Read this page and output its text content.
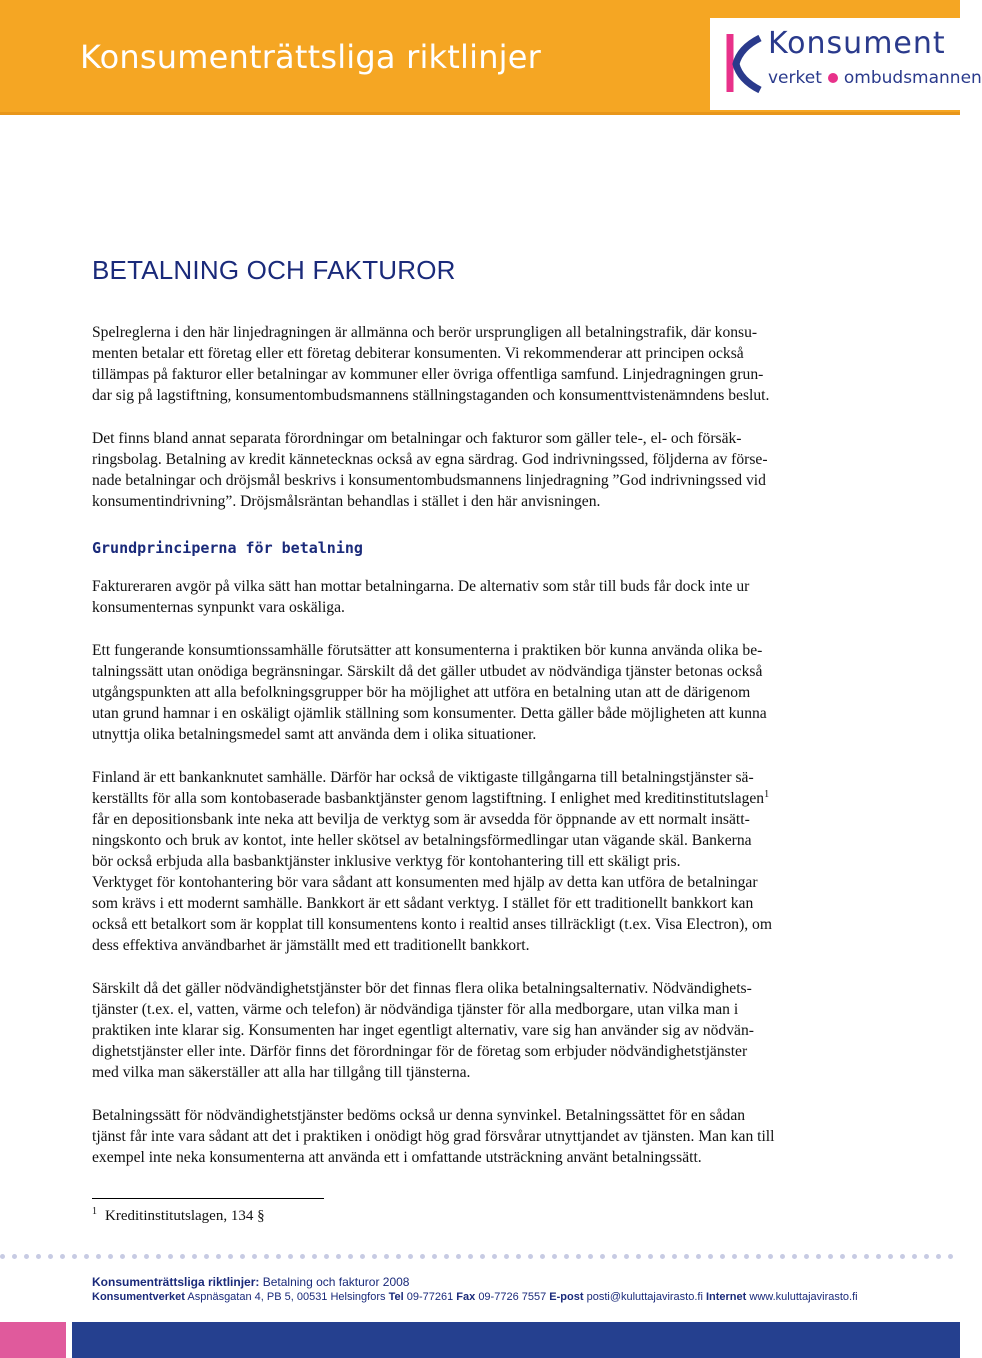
Konsumenträttsliga riktlinjer	Konsument
verket ombudsmannen
BETALNING OCH FAKTUROR

Spelreglerna i den här linjedragningen är allmänna och berör ursprungligen all betalningstrafik, där konsu-
menten betalar ett företag eller ett företag debiterar konsumenten. Vi rekommenderar att principen också
tillämpas på fakturor eller betalningar av kommuner eller övriga offentliga samfund. Linjedragningen grun-
dar sig på lagstiftning, konsumentombudsmannens ställningstaganden och konsumenttvistenämndens beslut.

Det finns bland annat separata förordningar om betalningar och fakturor som gäller tele-, el- och försäk-
ringsbolag. Betalning av kredit kännetecknas också av egna särdrag. God indrivningssed, följderna av förse-
nade betalningar och dröjsmål beskrivs i konsumentombudsmannens linjedragning ”God indrivningssed vid
konsumentindrivning”. Dröjsmålsräntan behandlas i stället i den här anvisningen.

Grundprinciperna för betalning

Faktureraren avgör på vilka sätt han mottar betalningarna. De alternativ som står till buds får dock inte ur
konsumenternas synpunkt vara oskäliga.

Ett fungerande konsumtionssamhälle förutsätter att konsumenterna i praktiken bör kunna använda olika be-
talningssätt utan onödiga begränsningar. Särskilt då det gäller utbudet av nödvändiga tjänster betonas också
utgångspunkten att alla befolkningsgrupper bör ha möjlighet att utföra en betalning utan att de därigenom
utan grund hamnar i en oskäligt ojämlik ställning som konsumenter. Detta gäller både möjligheten att kunna
utnyttja olika betalningsmedel samt att använda dem i olika situationer.

Finland är ett bankanknutet samhälle. Därför har också de viktigaste tillgångarna till betalningstjänster sä-
kerställts för alla som kontobaserade basbanktjänster genom lagstiftning. I enlighet med kreditinstitutslagen$^1$
får en depositionsbank inte neka att bevilja de verktyg som är avsedda för öppnande av ett normalt insätt-
ningskonto och bruk av kontot, inte heller skötsel av betalningsförmedlingar utan vägande skäl. Bankerna
bör också erbjuda alla basbanktjänster inklusive verktyg för kontohantering till ett skäligt pris.
Verktyget för kontohantering bör vara sådant att konsumenten med hjälp av detta kan utföra de betalningar
som krävs i ett modernt samhälle. Bankkort är ett sådant verktyg. I stället för ett traditionellt bankkort kan
också ett betalkort som är kopplat till konsumentens konto i realtid anses tillräckligt (t.ex. Visa Electron), om
dess effektiva användbarhet är jämställt med ett traditionellt bankkort.

Särskilt då det gäller nödvändighetstjänster bör det finnas flera olika betalningsalternativ. Nödvändighets-
tjänster (t.ex. el, vatten, värme och telefon) är nödvändiga tjänster för alla medborgare, utan vilka man i
praktiken inte klarar sig. Konsumenten har inget egentligt alternativ, vare sig han använder sig av nödvän-
dighetstjänster eller inte. Därför finns det förordningar för de företag som erbjuder nödvändighetstjänster
med vilka man säkerställer att alla har tillgång till tjänsterna.

Betalningssätt för nödvändighetstjänster bedöms också ur denna synvinkel. Betalningssättet för en sådan
tjänst får inte vara sådant att det i praktiken i onödigt hög grad försvårar utnyttjandet av tjänsten. Man kan till
exempel inte neka konsumenterna att använda ett i omfattande utsträckning använt betalningssätt.

$^1$ Kreditinstitutslagen, 134 §
Konsumenträttsliga riktlinjer: Betalning och fakturor 2008
Konsumentverket Aspnäsgatan 4, PB 5, 00531 Helsingfors Tel 09-77261 Fax 09-7726 7557 E-post posti@kuluttajavirasto.fi Internet www.kuluttajavirasto.fi
